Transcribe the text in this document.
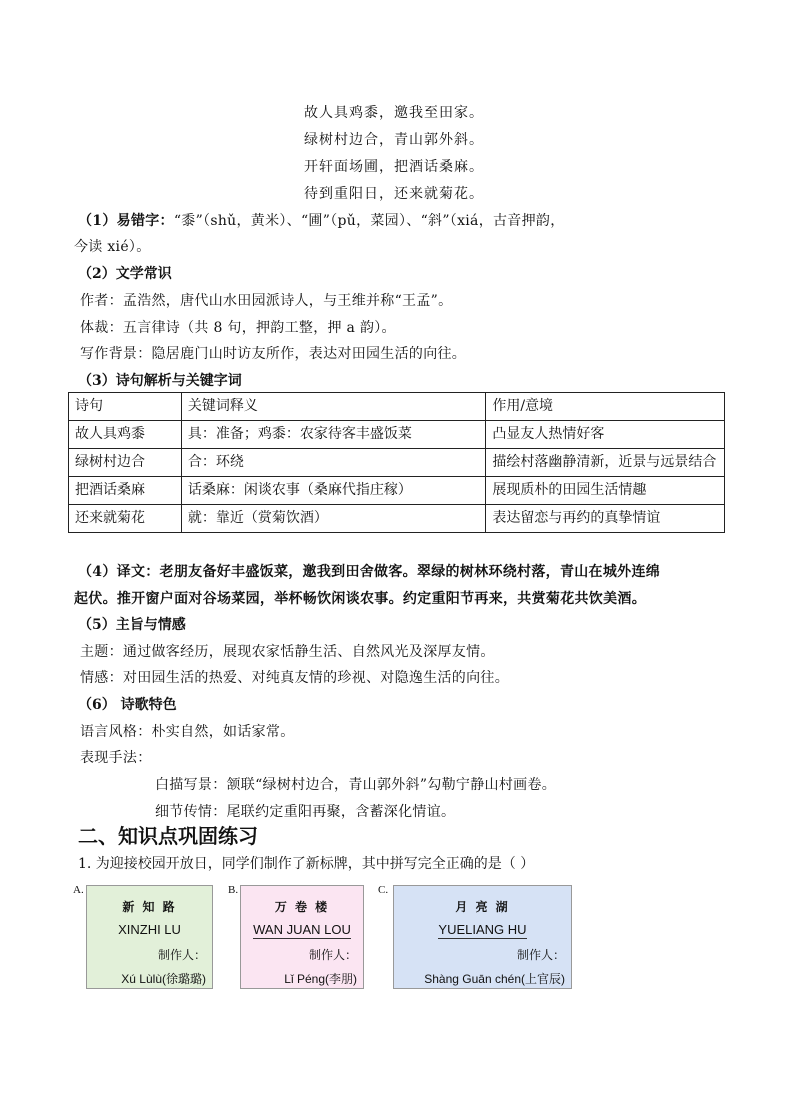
故人具鸡黍，邀我至田家。
绿树村边合，青山郭外斜。
开轩面场圃，把酒话桑麻。
待到重阳日，还来就菊花。
（1）易错字：“黍”（shǔ，黄米）、“圃”（pǔ，菜园）、“斜”（xiá，古音押韵，
今读 xié）。
（2）文学常识
作者：孟浩然，唐代山水田园派诗人，与王维并称“王孟”。
体裁：五言律诗（共 8 句，押韵工整，押 a 韵）。
写作背景：隐居鹿门山时访友所作，表达对田园生活的向往。
（3）诗句解析与关键字词
诗句	关键词释义	作用/意境
故人具鸡黍	具：准备；鸡黍：农家待客丰盛饭菜	凸显友人热情好客
绿树村边合	合：环绕	描绘村落幽静清新，近景与远景结合
把酒话桑麻	话桑麻：闲谈农事（桑麻代指庄稼）	展现质朴的田园生活情趣
还来就菊花	就：靠近（赏菊饮酒）	表达留恋与再约的真挚情谊
（4）译文：老朋友备好丰盛饭菜，邀我到田舍做客。翠绿的树林环绕村落，青山在城外连绵
起伏。推开窗户面对谷场菜园，举杯畅饮闲谈农事。约定重阳节再来，共赏菊花共饮美酒。
（5）主旨与情感
主题：通过做客经历，展现农家恬静生活、自然风光及深厚友情。
情感：对田园生活的热爱、对纯真友情的珍视、对隐逸生活的向往。
（6） 诗歌特色
语言风格：朴实自然，如话家常。
表现手法：
白描写景：颔联“绿树村边合，青山郭外斜”勾勒宁静山村画卷。
细节传情：尾联约定重阳再聚，含蓄深化情谊。
二、知识点巩固练习
1. 为迎接校园开放日，同学们制作了新标牌，其中拼写完全正确的是（ ）
A.
新 知 路
XINZHI LU
制作人：
Xú Lùlù(徐璐璐)
B.
万 卷 楼
WAN JUAN LOU
制作人：
Lǐ Péng(李朋)
C.
月 亮 湖
YUELIANG HU
制作人：
Shàng Guān chén(上官辰)
